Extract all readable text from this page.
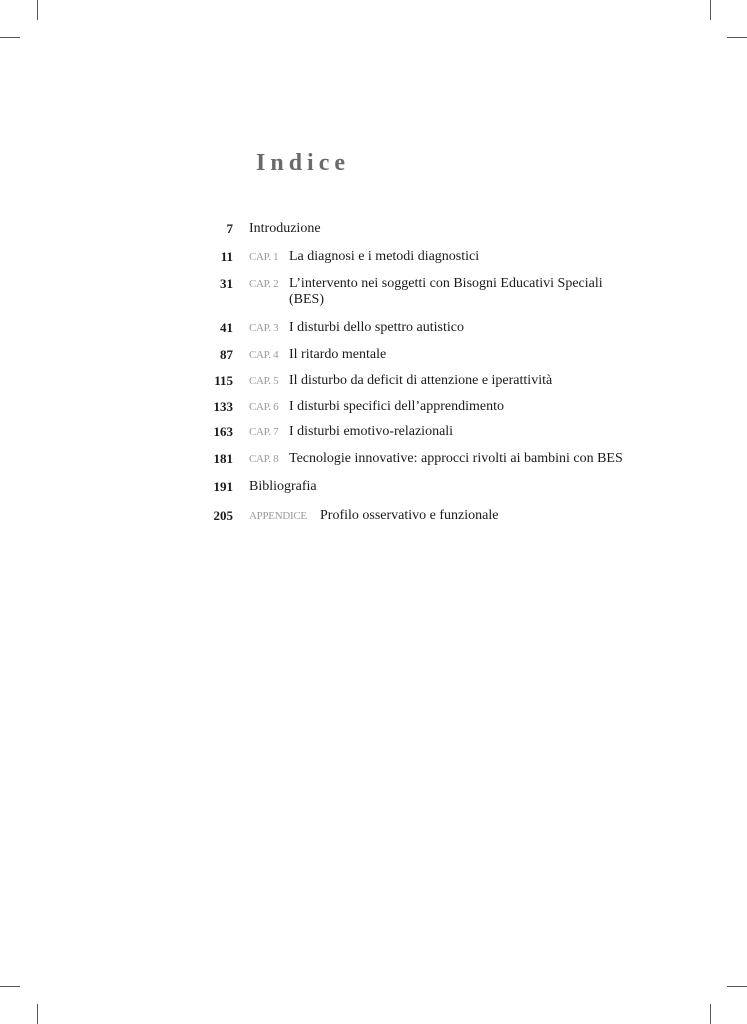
Indice
7 Introduzione
11 CAP. 1 La diagnosi e i metodi diagnostici
31 CAP. 2 L’intervento nei soggetti con Bisogni Educativi Speciali (BES)
41 CAP. 3 I disturbi dello spettro autistico
87 CAP. 4 Il ritardo mentale
115 CAP. 5 Il disturbo da deficit di attenzione e iperattività
133 CAP. 6 I disturbi specifici dell’apprendimento
163 CAP. 7 I disturbi emotivo-relazionali
181 CAP. 8 Tecnologie innovative: approcci rivolti ai bambini con BES
191 Bibliografia
205 APPENDICE Profilo osservativo e funzionale
